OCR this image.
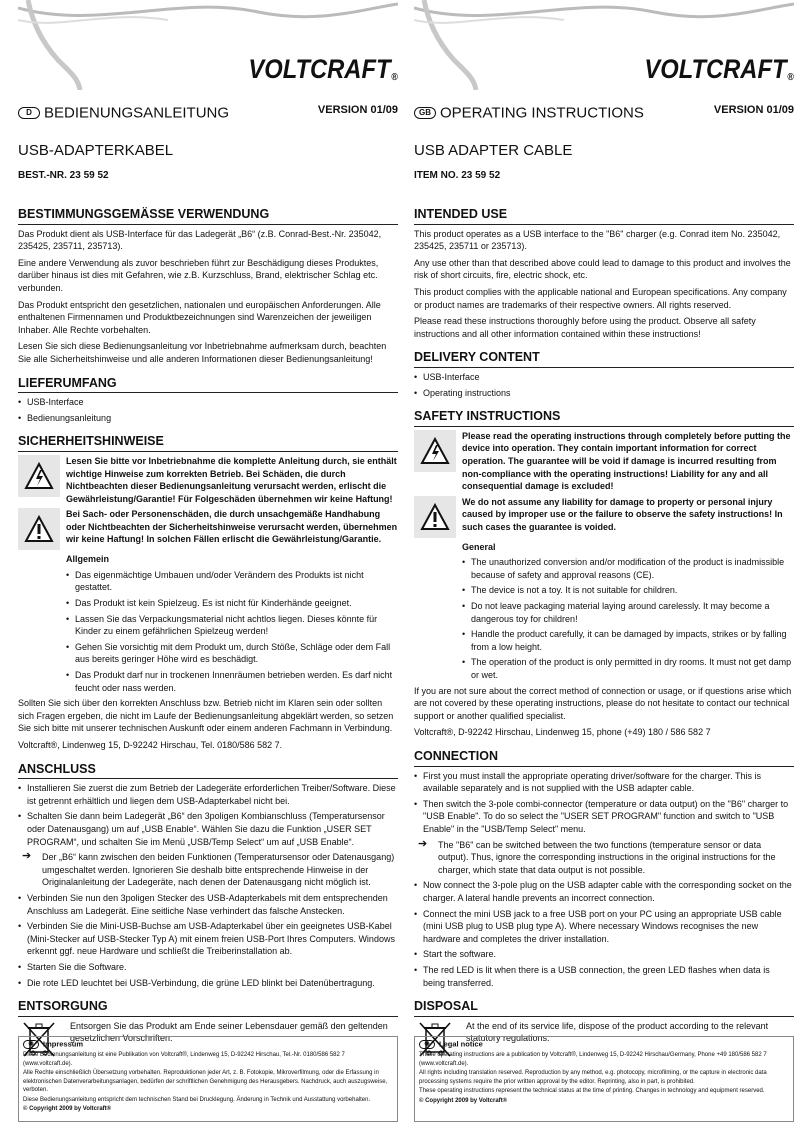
VOLTCRAFT®
D BEDIENUNGSANLEITUNG	VERSION 01/09
USB-ADAPTERKABEL
BEST.-NR. 23 59 52
BESTIMMUNGSGEMÄSSE VERWENDUNG

Das Produkt dient als USB-Interface für das Ladegerät „B6“ (z.B. Conrad-Best.-Nr. 235042, 235425, 235711, 235713).

Eine andere Verwendung als zuvor beschrieben führt zur Beschädigung dieses Produktes, darüber hinaus ist dies mit Gefahren, wie z.B. Kurzschluss, Brand, elektrischer Schlag etc. verbunden.

Das Produkt entspricht den gesetzlichen, nationalen und europäischen Anforderungen. Alle enthaltenen Firmennamen und Produktbezeichnungen sind Warenzeichen der jeweiligen Inhaber. Alle Rechte vorbehalten.

Lesen Sie sich diese Bedienungsanleitung vor Inbetriebnahme aufmerksam durch, beachten Sie alle Sicherheitshinweise und alle anderen Informationen dieser Bedienungsanleitung!

LIEFERUMFANG
• USB-Interface
• Bedienungsanleitung
SICHERHEITSHINWEISE
Lesen Sie bitte vor Inbetriebnahme die komplette Anleitung durch, sie enthält wichtige Hinweise zum korrekten Betrieb. Bei Schäden, die durch Nichtbeachten dieser Bedienungsanleitung verursacht werden, erlischt die Gewährleistung/Garantie! Für Folgeschäden übernehmen wir keine Haftung!
Bei Sach- oder Personenschäden, die durch unsachgemäße Handhabung oder Nichtbeachten der Sicherheitshinweise verursacht werden, übernehmen wir keine Haftung! In solchen Fällen erlischt die Gewährleistung/Garantie.
Allgemein
• Das eigenmächtige Umbauen und/oder Verändern des Produkts ist nicht gestattet.
• Das Produkt ist kein Spielzeug. Es ist nicht für Kinderhände geeignet.
• Lassen Sie das Verpackungsmaterial nicht achtlos liegen. Dieses könnte für Kinder zu einem gefährlichen Spielzeug werden!
• Gehen Sie vorsichtig mit dem Produkt um, durch Stöße, Schläge oder dem Fall aus bereits geringer Höhe wird es beschädigt.
• Das Produkt darf nur in trockenen Innenräumen betrieben werden. Es darf nicht feucht oder nass werden.

Sollten Sie sich über den korrekten Anschluss bzw. Betrieb nicht im Klaren sein oder sollten sich Fragen ergeben, die nicht im Laufe der Bedienungsanleitung abgeklärt werden, so setzen Sie sich bitte mit unserer technischen Auskunft oder einem anderen Fachmann in Verbindung.

Voltcraft®, Lindenweg 15, D-92242 Hirschau, Tel. 0180/586 582 7.

ANSCHLUSS
• Installieren Sie zuerst die zum Betrieb der Ladegeräte erforderlichen Treiber/Software. Diese ist getrennt erhältlich und liegen dem USB-Adapterkabel nicht bei.
• Schalten Sie dann beim Ladegerät „B6“ den 3poligen Kombianschluss (Temperatursensor oder Datenausgang) um auf „USB Enable“. Wählen Sie dazu die Funktion „USER SET PROGRAM“, und schalten Sie im Menü „USB/Temp Select“ um auf „USB Enable“.
➔ Der „B6“ kann zwischen den beiden Funktionen (Temperatursensor oder Datenausgang) umgeschaltet werden. Ignorieren Sie deshalb bitte entsprechende Hinweise in der Originalanleitung der Ladegeräte, nach denen der Datenausgang nicht möglich ist.
• Verbinden Sie nun den 3poligen Stecker des USB-Adapterkabels mit dem entsprechenden Anschluss am Ladegerät. Eine seitliche Nase verhindert das falsche Anstecken.
• Verbinden Sie die Mini-USB-Buchse am USB-Adapterkabel über ein geeignetes USB-Kabel (Mini-Stecker auf USB-Stecker Typ A) mit einem freien USB-Port Ihres Computers. Windows erkennt ggf. neue Hardware und schließt die Treiberinstallation ab.
• Starten Sie die Software.
• Die rote LED leuchtet bei USB-Verbindung, die grüne LED blinkt bei Datenübertragung.
ENTSORGUNG
Entsorgen Sie das Produkt am Ende seiner Lebensdauer gemäß den geltenden gesetzlichen Vorschriften.
◉ Impressum

Diese Bedienungsanleitung ist eine Publikation von Voltcraft®, Lindenweg 15, D-92242 Hirschau, Tel.-Nr. 0180/586 582 7 (www.voltcraft.de).

Alle Rechte einschließlich Übersetzung vorbehalten. Reproduktionen jeder Art, z. B. Fotokopie, Mikroverfilmung, oder die Erfassung in elektronischen Datenverarbeitungsanlagen, bedürfen der schriftlichen Genehmigung des Herausgebers. Nachdruck, auch auszugsweise, verboten.

Diese Bedienungsanleitung entspricht dem technischen Stand bei Drucklegung. Änderung in Technik und Ausstattung vorbehalten.

© Copyright 2009 by Voltcraft®
VOLTCRAFT®
GB OPERATING INSTRUCTIONS	VERSION 01/09
USB ADAPTER CABLE
ITEM NO. 23 59 52
INTENDED USE

This product operates as a USB interface to the "B6" charger (e.g. Conrad item No. 235042, 235425, 235711 or 235713).

Any use other than that described above could lead to damage to this product and involves the risk of short circuits, fire, electric shock, etc.

This product complies with the applicable national and European specifications. Any company or product names are trademarks of their respective owners. All rights reserved.

Please read these instructions thoroughly before using the product. Observe all safety instructions and all other information contained within these instructions!

DELIVERY CONTENT
• USB-Interface
• Operating instructions
SAFETY INSTRUCTIONS
Please read the operating instructions through completely before putting the device into operation. They contain important information for correct operation. The guarantee will be void if damage is incurred resulting from non-compliance with the operating instructions! Liability for any and all consequential damage is excluded!
We do not assume any liability for damage to property or personal injury caused by improper use or the failure to observe the safety instructions! In such cases the guarantee is voided.
General
• The unauthorized conversion and/or modification of the product is inadmissible because of safety and approval reasons (CE).
• The device is not a toy. It is not suitable for children.
• Do not leave packaging material laying around carelessly. It may become a dangerous toy for children!
• Handle the product carefully, it can be damaged by impacts, strikes or by falling from a low height.
• The operation of the product is only permitted in dry rooms. It must not get damp or wet.

If you are not sure about the correct method of connection or usage, or if questions arise which are not covered by these operating instructions, please do not hesitate to contact our technical support or another qualified specialist.

Voltcraft®, D-92242 Hirschau, Lindenweg 15, phone (+49) 180 / 586 582 7

CONNECTION
• First you must install the appropriate operating driver/software for the charger. This is available separately and is not supplied with the USB adapter cable.
• Then switch the 3-pole combi-connector (temperature or data output) on the "B6" charger to "USB Enable". To do so select the "USER SET PROGRAM" function and switch to "USB Enable" in the "USB/Temp Select" menu.
➔ The "B6" can be switched between the two functions (temperature sensor or data output). Thus, ignore the corresponding instructions in the original instructions for the charger, which state that data output is not possible.
• Now connect the 3-pole plug on the USB adapter cable with the corresponding socket on the charger. A lateral handle prevents an incorrect connection.
• Connect the mini USB jack to a free USB port on your PC using an appropriate USB cable (mini USB plug to USB plug type A). Where necessary Windows recognises the new hardware and completes the driver installation.
• Start the software.
• The red LED is lit when there is a USB connection, the green LED flashes when data is being transferred.
DISPOSAL
At the end of its service life, dispose of the product according to the relevant statutory regulations.
◉ Legal notice

These operating instructions are a publication by Voltcraft®, Lindenweg 15, D-92242 Hirschau/Germany, Phone +49 180/586 582 7 (www.voltcraft.de).

All rights including translation reserved. Reproduction by any method, e.g. photocopy, microfilming, or the capture in electronic data processing systems require the prior written approval by the editor. Reprinting, also in part, is prohibited.

These operating instructions represent the technical status at the time of printing. Changes in technology and equipment reserved.

© Copyright 2009 by Voltcraft®
